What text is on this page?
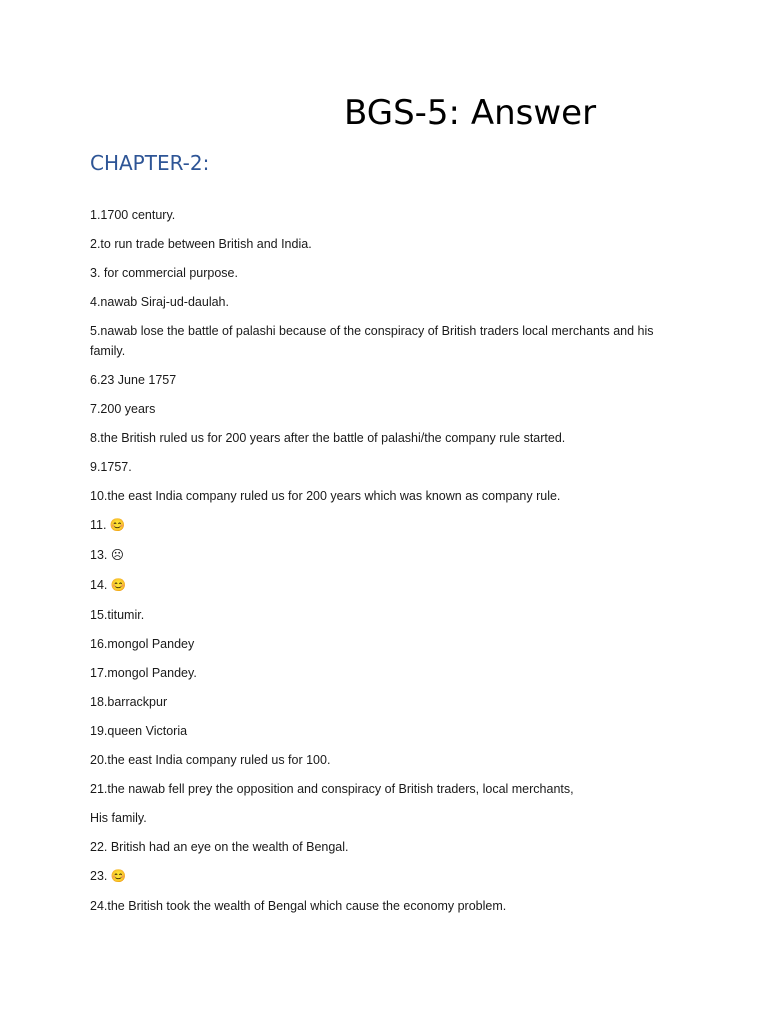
BGS-5: Answer
CHAPTER-2:
1.1700 century.
2.to run trade between British and India.
3. for commercial purpose.
4.nawab Siraj-ud-daulah.
5.nawab lose the battle of palashi because of the conspiracy of British traders local merchants and his family.
6.23 June 1757
7.200 years
8.the British ruled us for 200 years after the battle of palashi/the company rule started.
9.1757.
10.the east India company ruled us for 200 years which was known as company rule.
11. 😊
13. ☹
14. 😊
15.titumir.
16.mongol Pandey
17.mongol Pandey.
18.barrackpur
19.queen Victoria
20.the east India company ruled us for 100.
21.the nawab fell prey the opposition and conspiracy of British traders, local merchants,
His family.
22. British had an eye on the wealth of Bengal.
23. 😊
24.the British took the wealth of Bengal which cause the economy problem.
